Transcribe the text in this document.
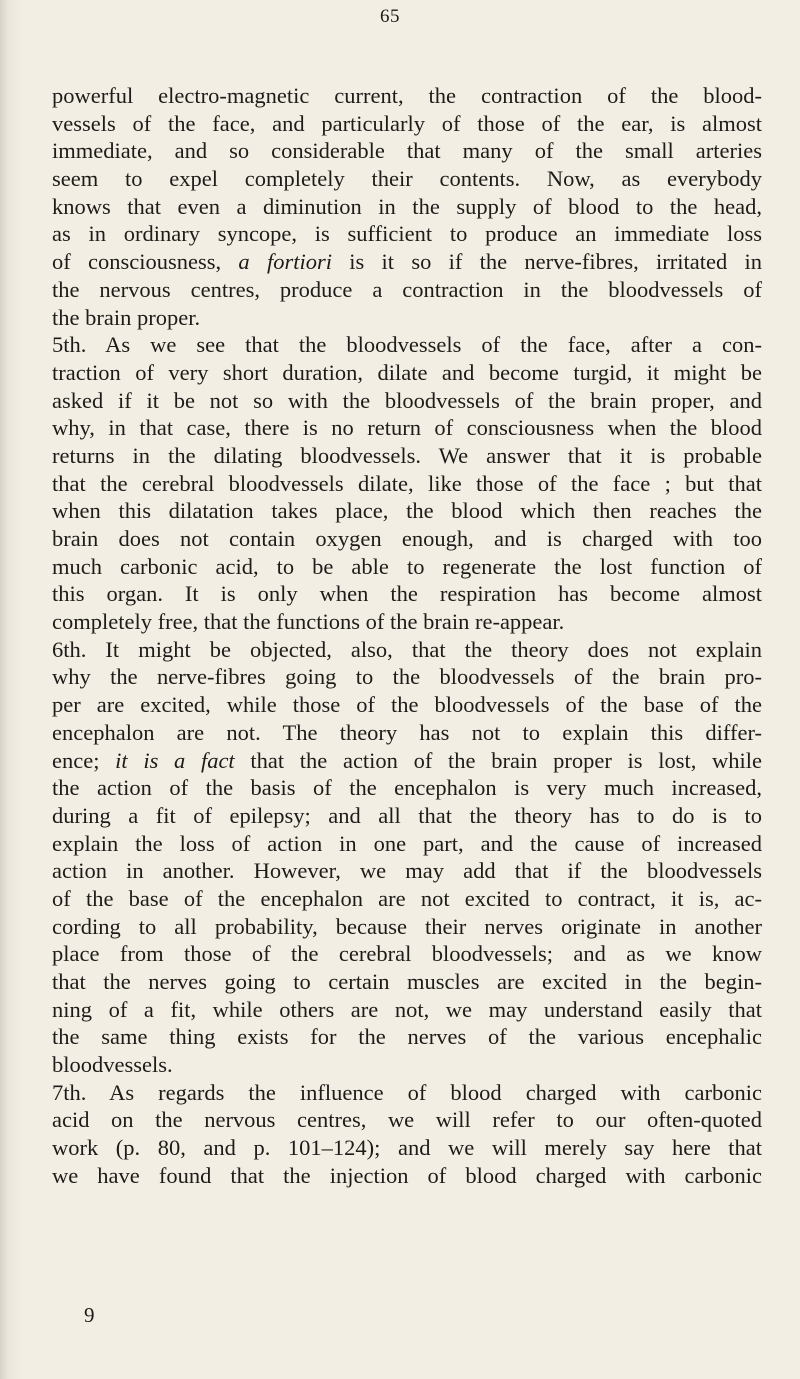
65
powerful electro-magnetic current, the contraction of the blood-
vessels of the face, and particularly of those of the ear, is almost
immediate, and so considerable that many of the small arteries
seem to expel completely their contents. Now, as everybody
knows that even a diminution in the supply of blood to the head,
as in ordinary syncope, is sufficient to produce an immediate loss
of consciousness, a fortiori is it so if the nerve-fibres, irritated in
the nervous centres, produce a contraction in the bloodvessels of
the brain proper.
5th. As we see that the bloodvessels of the face, after a con-
traction of very short duration, dilate and become turgid, it might be
asked if it be not so with the bloodvessels of the brain proper, and
why, in that case, there is no return of consciousness when the blood
returns in the dilating bloodvessels. We answer that it is probable
that the cerebral bloodvessels dilate, like those of the face ; but that
when this dilatation takes place, the blood which then reaches the
brain does not contain oxygen enough, and is charged with too
much carbonic acid, to be able to regenerate the lost function of
this organ. It is only when the respiration has become almost
completely free, that the functions of the brain re-appear.
6th. It might be objected, also, that the theory does not explain
why the nerve-fibres going to the bloodvessels of the brain pro-
per are excited, while those of the bloodvessels of the base of the
encephalon are not. The theory has not to explain this differ-
ence; it is a fact that the action of the brain proper is lost, while
the action of the basis of the encephalon is very much increased,
during a fit of epilepsy; and all that the theory has to do is to
explain the loss of action in one part, and the cause of increased
action in another. However, we may add that if the bloodvessels
of the base of the encephalon are not excited to contract, it is, ac-
cording to all probability, because their nerves originate in another
place from those of the cerebral bloodvessels; and as we know
that the nerves going to certain muscles are excited in the begin-
ning of a fit, while others are not, we may understand easily that
the same thing exists for the nerves of the various encephalic
bloodvessels.
7th. As regards the influence of blood charged with carbonic
acid on the nervous centres, we will refer to our often-quoted
work (p. 80, and p. 101–124); and we will merely say here that
we have found that the injection of blood charged with carbonic
9
